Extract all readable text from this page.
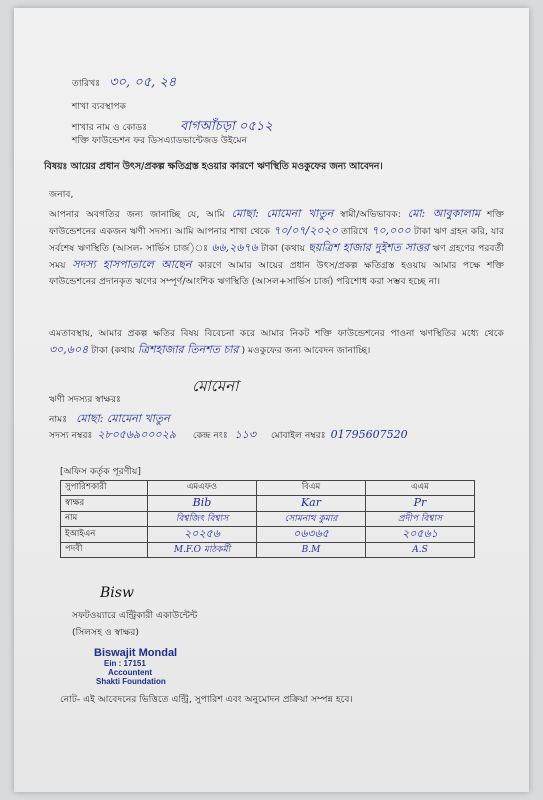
তারিখঃ ৩০, ০৫, ২৪
শাখা ব্যবস্থাপক
শাখার নাম ও কোডঃ	বাগআঁচড়া ০৫১২
শক্তি ফাউন্ডেশন ফর ডিসএ্যাডভান্টেজড উইমেন
বিষয়ঃ আয়ের প্রধান উৎস/প্রকল্প ক্ষতিগ্রস্ত হওয়ার কারণে ঋণস্থিতি মওকুফের জন্য আবেদন।
জনাব,
আপনার অবগতির জন্য জানাচ্ছি যে, আমি মোছা: মোমেনা খাতুন স্বামী/অভিভাবক: মো: আবুকালাম শক্তি ফাউন্ডেশনের একজন ঋণী সদস্য। আমি আপনার শাখা থেকে ৭০/০৭/২০২০ তারিখে ৭০,০০০ টাকা ঋণ গ্রহন করি, যার সর্বশেষ ঋণস্থিতি (আসল- সার্ভিস চার্জ)ঃ ৬৬,২৬৭৬ টাকা (কথায় ছয়ত্রিশ হাজার দুইশত সাত্তর ঋণ গ্রহণের পরবর্তী সময় সদস্য হাসপাতালে আছেন কারণে আমার আয়ের প্রধান উৎস/প্রকল্প ক্ষতিগ্রস্ত হওয়ায় আমার পক্ষে শক্তি ফাউন্ডেশনের প্রদানকৃত ঋণের সম্পূর্ণ/আংশিক ঋণস্থিতি (আসল+সার্ভিস চার্জ) পরিশোধ করা সম্ভব হচ্ছে না।
এমতাবস্থায়, আমার প্রকল্প ক্ষতির বিষয় বিবেচনা করে আমার নিকট শক্তি ফাউন্ডেশনের পাওনা ঋণস্থিতির মধ্যে থেকে ৩০,৬০৪ টাকা (কথায় ত্রিশহাজার তিনশত চার ) মওকুফের জন্য আবেদন জানাচ্ছি।
মোমেনা
ঋণী সদস্যর স্বাক্ষরঃ
নামঃ মোছা: মোমেনা খাতুন
সদস্য নম্বরঃ ২৮০৫৬৯০০০২৯ কেন্দ্র নংঃ ১১৩ মোবাইল নম্বরঃ 01795607520
[অফিস কর্তৃক পূরণীয়]
সুপারিশকারী	এমএফও	বিএম	এএম
স্বাক্ষর	Bib	Kar	Pr
নাম	বিশ্বজিৎ বিশ্বাস	সোমনাথ কুমার	প্রদীপ বিশ্বাস
ইআইএন	২০২৫৬	০৬৩৬৫	২০৫৬১
পদবী	M.F.O মাঠকর্মী	B.M	A.S
Bisw
সফটওয়্যারে এন্ট্রিকারী একাউন্টেন্ট
(সিলসহ ও স্বাক্ষর)
Biswajit Mondal
Ein : 17151
Accountent
Shakti Foundation
নোট- এই আবেদনের ভিত্তিতে এন্ট্রি, সুপারিশ এবং অনুমোদন প্রক্রিয়া সম্পন্ন হবে।
